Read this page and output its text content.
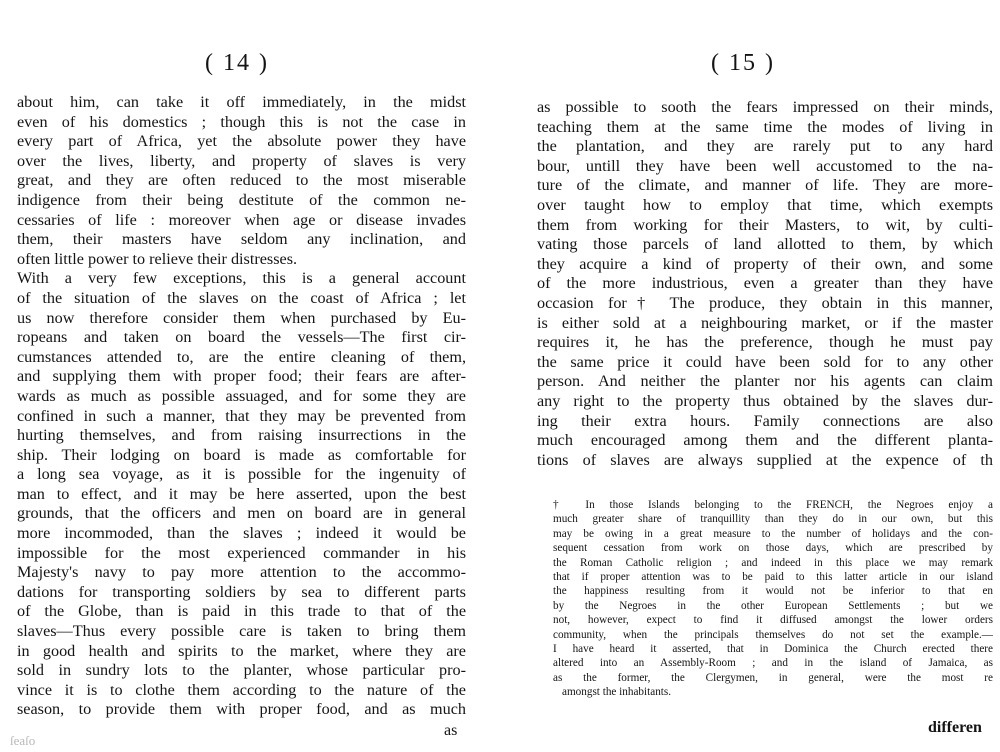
( 14 )
about him, can take it off immediately, in the midst
even of his domestics ; though this is not the case in
every part of Africa, yet the absolute power they have
over the lives, liberty, and property of slaves is very
great, and they are often reduced to the most miserable
indigence from their being destitute of the common ne-
cessaries of life : moreover when age or disease invades
them, their masters have seldom any inclination, and
often little power to relieve their distresses.
With a very few exceptions, this is a general account
of the situation of the slaves on the coast of Africa ; let
us now therefore consider them when purchased by Eu-
ropeans and taken on board the vessels—The first cir-
cumstances attended to, are the entire cleaning of them,
and supplying them with proper food; their fears are after-
wards as much as possible assuaged, and for some they are
confined in such a manner, that they may be prevented from
hurting themselves, and from raising insurrections in the
ship. Their lodging on board is made as comfortable for
a long sea voyage, as it is possible for the ingenuity of
man to effect, and it may be here asserted, upon the best
grounds, that the officers and men on board are in general
more incommoded, than the slaves ; indeed it would be
impossible for the most experienced commander in his
Majesty's navy to pay more attention to the accommo-
dations for transporting soldiers by sea to different parts
of the Globe, than is paid in this trade to that of the
slaves—Thus every possible care is taken to bring them
in good health and spirits to the market, where they are
sold in sundry lots to the planter, whose particular pro-
vince it is to clothe them according to the nature of the
season, to provide them with proper food, and as much
as
ſeaſo
( 15 )
as possible to sooth the fears impressed on their minds,
teaching them at the same time the modes of living in
the plantation, and they are rarely put to any hard
bour, untill they have been well accustomed to the na-
ture of the climate, and manner of life. They are more-
over taught how to employ that time, which exempts
them from working for their Masters, to wit, by culti-
vating those parcels of land allotted to them, by which
they acquire a kind of property of their own, and some
of the more industrious, even a greater than they have
occasion for† The produce, they obtain in this manner,
is either sold at a neighbouring market, or if the master
requires it, he has the preference, though he must pay
the same price it could have been sold for to any other
person. And neither the planter nor his agents can claim
any right to the property thus obtained by the slaves dur-
ing their extra hours. Family connections are also
much encouraged among them and the different planta-
tions of slaves are always supplied at the expence of th
† In those Islands belonging to the FRENCH, the Negroes enjoy a
much greater share of tranquillity than they do in our own, but this
may be owing in a great measure to the number of holidays and the con-
sequent cessation from work on those days, which are prescribed by
the Roman Catholic religion ; and indeed in this place we may remark
that if proper attention was to be paid to this latter article in our island
the happiness resulting from it would not be inferior to that en
by the Negroes in the other European Settlements ; but we
not, however, expect to find it diffused amongst the lower orders
community, when the principals themselves do not set the example.—
I have heard it asserted, that in Dominica the Church erected there
altered into an Assembly-Room ; and in the island of Jamaica, as
as the former, the Clergymen, in general, were the most re
amongst the inhabitants.
differen
